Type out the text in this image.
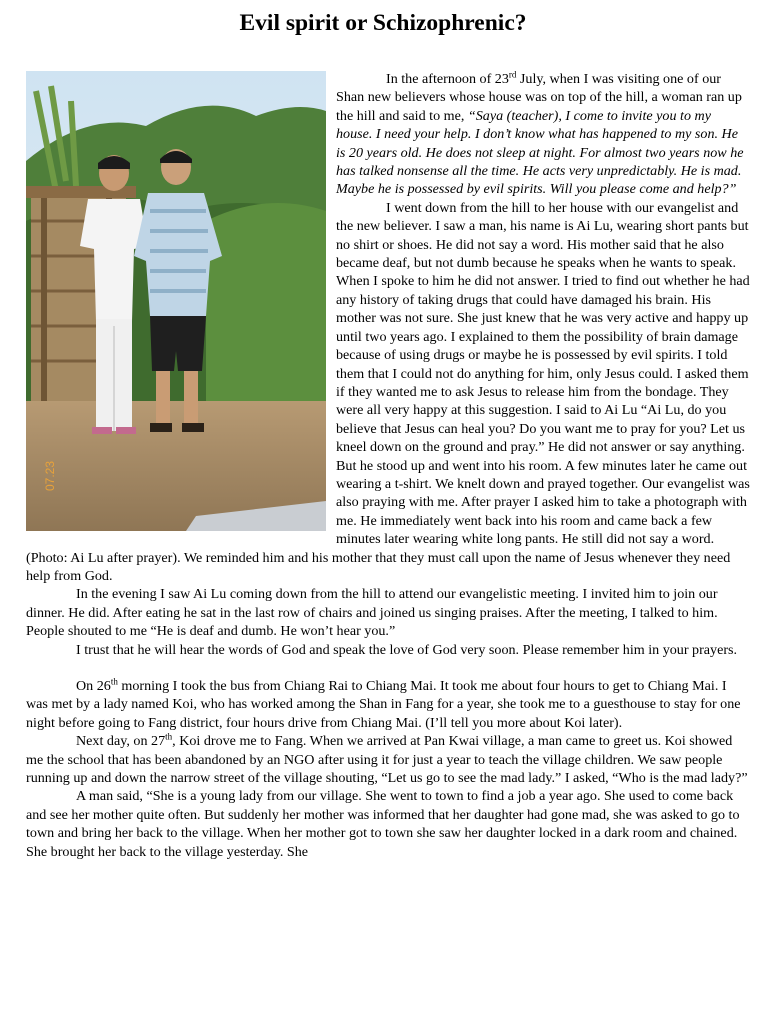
Evil spirit or Schizophrenic?
07.23

In the afternoon of 23rd July, when I was visiting one of our Shan new believers whose house was on top of the hill, a woman ran up the hill and said to me, “Saya (teacher), I come to invite you to my house. I need your help. I don’t know what has happened to my son. He is 20 years old. He does not sleep at night. For almost two years now he has talked nonsense all the time. He acts very unpredictably. He is mad. Maybe he is possessed by evil spirits. Will you please come and help?”

I went down from the hill to her house with our evangelist and the new believer. I saw a man, his name is Ai Lu, wearing short pants but no shirt or shoes. He did not say a word. His mother said that he also became deaf, but not dumb because he speaks when he wants to speak. When I spoke to him he did not answer. I tried to find out whether he had any history of taking drugs that could have damaged his brain. His mother was not sure. She just knew that he was very active and happy up until two years ago. I explained to them the possibility of brain damage because of using drugs or maybe he is possessed by evil spirits. I told them that I could not do anything for him, only Jesus could. I asked them if they wanted me to ask Jesus to release him from the bondage. They were all very happy at this suggestion. I said to Ai Lu “Ai Lu, do you believe that Jesus can heal you? Do you want me to pray for you? Let us kneel down on the ground and pray.” He did not answer or say anything. But he stood up and went into his room. A few minutes later he came out wearing a t-shirt. We knelt down and prayed together. Our evangelist was also praying with me. After prayer I asked him to take a photograph with me. He immediately went back into his room and came back a few minutes later wearing white long pants. He still did not say a word. (Photo: Ai Lu after prayer). We reminded him and his mother that they must call upon the name of Jesus whenever they need help from God.

In the evening I saw Ai Lu coming down from the hill to attend our evangelistic meeting. I invited him to join our dinner. He did. After eating he sat in the last row of chairs and joined us singing praises. After the meeting, I talked to him. People shouted to me “He is deaf and dumb. He won’t hear you.”

I trust that he will hear the words of God and speak the love of God very soon. Please remember him in your prayers.

On 26th morning I took the bus from Chiang Rai to Chiang Mai. It took me about four hours to get to Chiang Mai. I was met by a lady named Koi, who has worked among the Shan in Fang for a year, she took me to a guesthouse to stay for one night before going to Fang district, four hours drive from Chiang Mai. (I’ll tell you more about Koi later).

Next day, on 27th, Koi drove me to Fang. When we arrived at Pan Kwai village, a man came to greet us. Koi showed me the school that has been abandoned by an NGO after using it for just a year to teach the village children. We saw people running up and down the narrow street of the village shouting, “Let us go to see the mad lady.” I asked, “Who is the mad lady?”

A man said, “She is a young lady from our village. She went to town to find a job a year ago. She used to come back and see her mother quite often. But suddenly her mother was informed that her daughter had gone mad, she was asked to go to town and bring her back to the village. When her mother got to town she saw her daughter locked in a dark room and chained. She brought her back to the village yesterday. She
